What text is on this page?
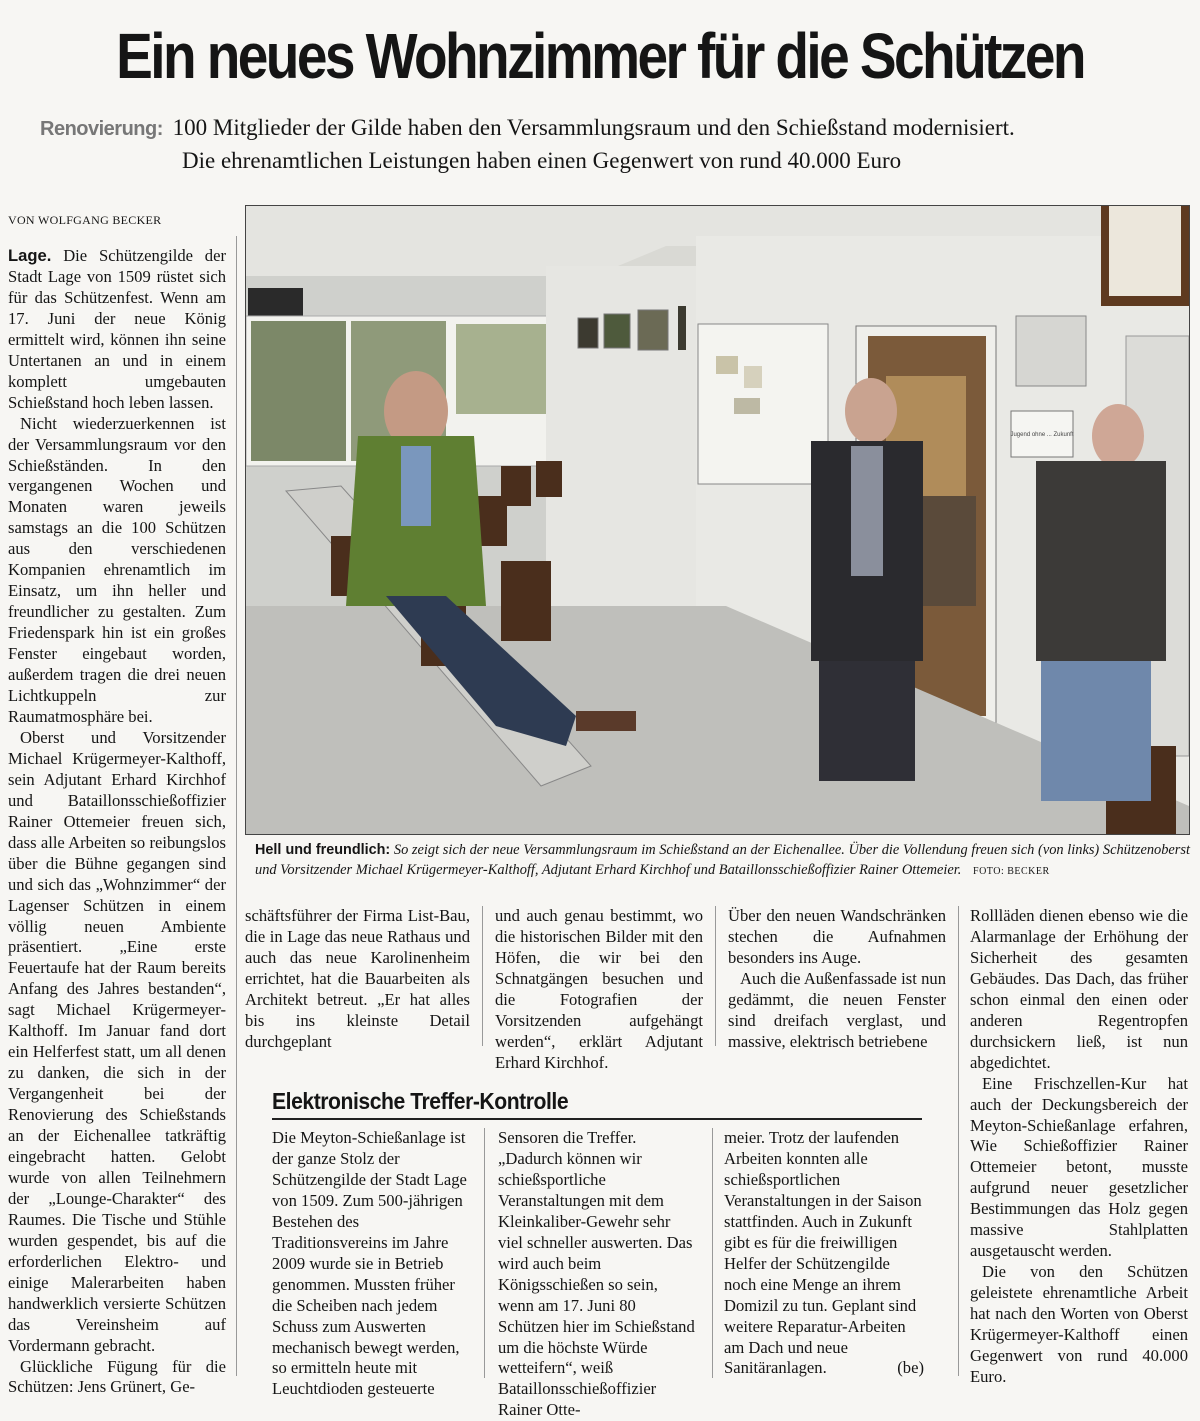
Ein neues Wohnzimmer für die Schützen
Renovierung: 100 Mitglieder der Gilde haben den Versammlungsraum und den Schießstand modernisiert.
Die ehrenamtlichen Leistungen haben einen Gegenwert von rund 40.000 Euro
VON WOLFGANG BECKER

Lage. Die Schützengilde der Stadt Lage von 1509 rüstet sich für das Schützenfest. Wenn am 17. Juni der neue König ermittelt wird, können ihn seine Untertanen an und in einem komplett umgebauten Schießstand hoch leben lassen.

Nicht wiederzuerkennen ist der Versammlungsraum vor den Schießständen. In den vergangenen Wochen und Monaten waren jeweils samstags an die 100 Schützen aus den verschiedenen Kompanien ehrenamtlich im Einsatz, um ihn heller und freundlicher zu gestalten. Zum Friedenspark hin ist ein großes Fenster eingebaut worden, außerdem tragen die drei neuen Lichtkuppeln zur Raumatmosphäre bei.

Oberst und Vorsitzender Michael Krügermeyer-Kalthoff, sein Adjutant Erhard Kirchhof und Bataillonsschießoffizier Rainer Ottemeier freuen sich, dass alle Arbeiten so reibungslos über die Bühne gegangen sind und sich das „Wohnzimmer“ der Lagenser Schützen in einem völlig neuen Ambiente präsentiert. „Eine erste Feuertaufe hat der Raum bereits Anfang des Jahres bestanden“, sagt Michael Krügermeyer-Kalthoff. Im Januar fand dort ein Helferfest statt, um all denen zu danken, die sich in der Vergangenheit bei der Renovierung des Schießstands an der Eichenallee tatkräftig eingebracht hatten. Gelobt wurde von allen Teilnehmern der „Lounge-Charakter“ des Raumes. Die Tische und Stühle wurden gespendet, bis auf die erforderlichen Elektro- und einige Malerarbeiten haben handwerklich versierte Schützen das Vereinsheim auf Vordermann gebracht.

Glückliche Fügung für die Schützen: Jens Grünert, Ge-

Jugend ohne ... Zukunft
Hell und freundlich: So zeigt sich der neue Versammlungsraum im Schießstand an der Eichenallee. Über die Vollendung freuen sich (von links) Schützenoberst und Vorsitzender Michael Krügermeyer-Kalthoff, Adjutant Erhard Kirchhof und Bataillonsschießoffizier Rainer Ottemeier. FOTO: BECKER

schäftsführer der Firma List-Bau, die in Lage das neue Rathaus und auch das neue Karolinenheim errichtet, hat die Bauarbeiten als Architekt betreut. „Er hat alles bis ins kleinste Detail durchgeplant

und auch genau bestimmt, wo die historischen Bilder mit den Höfen, die wir bei den Schnatgängen besuchen und die Fotografien der Vorsitzenden aufgehängt werden“, erklärt Adjutant Erhard Kirchhof.

Über den neuen Wandschränken stechen die Aufnahmen besonders ins Auge.

Auch die Außenfassade ist nun gedämmt, die neuen Fenster sind dreifach verglast, und massive, elektrisch betriebene

Rollläden dienen ebenso wie die Alarmanlage der Erhöhung der Sicherheit des gesamten Gebäudes. Das Dach, das früher schon einmal den einen oder anderen Regentropfen durchsickern ließ, ist nun abgedichtet.

Eine Frischzellen-Kur hat auch der Deckungsbereich der Meyton-Schießanlage erfahren, Wie Schießoffizier Rainer Ottemeier betont, musste aufgrund neuer gesetzlicher Bestimmungen das Holz gegen massive Stahlplatten ausgetauscht werden.

Die von den Schützen geleistete ehrenamtliche Arbeit hat nach den Worten von Oberst Krügermeyer-Kalthoff einen Gegenwert von rund 40.000 Euro.

Elektronische Treffer-Kontrolle

Die Meyton-Schießanlage ist der ganze Stolz der Schützengilde der Stadt Lage von 1509. Zum 500-jährigen Bestehen des Traditionsvereins im Jahre 2009 wurde sie in Betrieb genommen. Mussten früher die Scheiben nach jedem Schuss zum Auswerten mechanisch bewegt werden, so ermitteln heute mit Leuchtdioden gesteuerte

Sensoren die Treffer. „Dadurch können wir schießsportliche Veranstaltungen mit dem Kleinkaliber-Gewehr sehr viel schneller auswerten. Das wird auch beim Königsschießen so sein, wenn am 17. Juni 80 Schützen hier im Schießstand um die höchste Würde wetteifern“, weiß Bataillonsschießoffizier Rainer Otte-

meier. Trotz der laufenden Arbeiten konnten alle schießsportlichen Veranstaltungen in der Saison stattfinden. Auch in Zukunft gibt es für die freiwilligen Helfer der Schützengilde noch eine Menge an ihrem Domizil zu tun. Geplant sind weitere Reparatur-Arbeiten am Dach und neue Sanitäranlagen.	(be)
